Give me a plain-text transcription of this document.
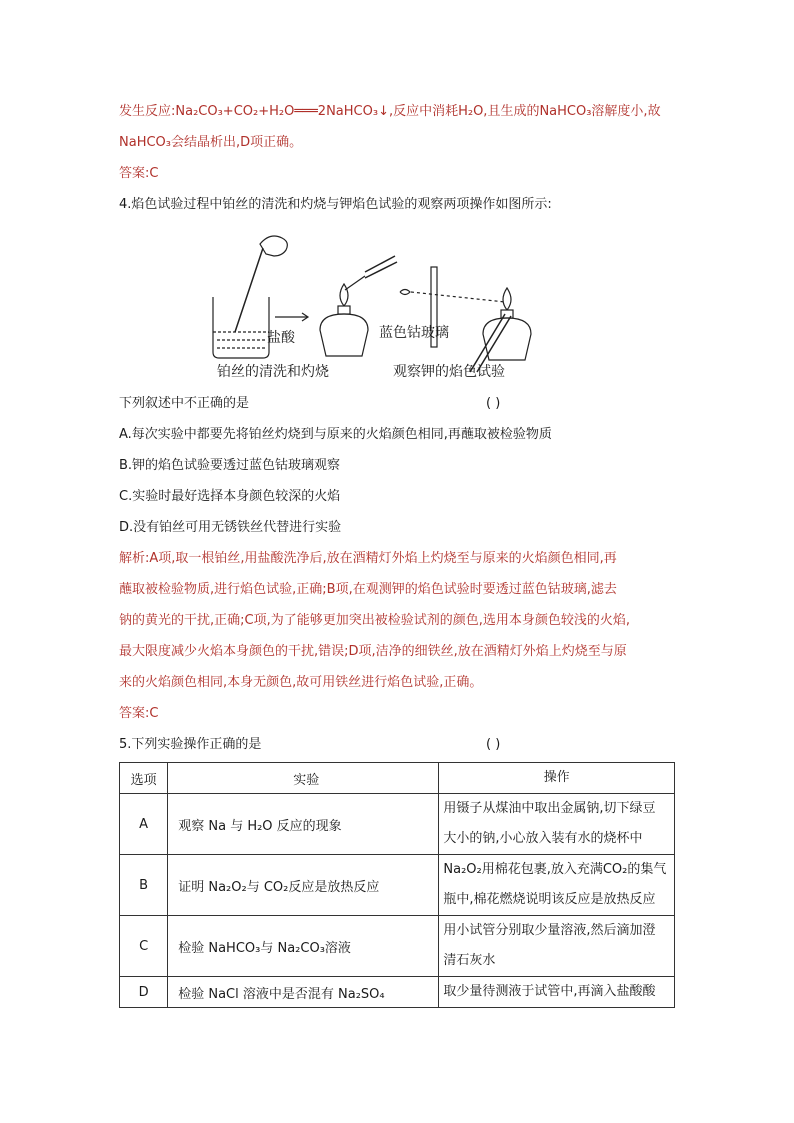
发生反应:Na₂CO₃+CO₂+H₂O═══2NaHCO₃↓,反应中消耗H₂O,且生成的NaHCO₃溶解度小,故
NaHCO₃会结晶析出,D项正确。
答案:C
4.焰色试验过程中铂丝的清洗和灼烧与钾焰色试验的观察两项操作如图所示:
盐酸	蓝色钴玻璃
铂丝的清洗和灼烧	观察钾的焰色试验
下列叙述中不正确的是	( )
A.每次实验中都要先将铂丝灼烧到与原来的火焰颜色相同,再蘸取被检验物质
B.钾的焰色试验要透过蓝色钴玻璃观察
C.实验时最好选择本身颜色较深的火焰
D.没有铂丝可用无锈铁丝代替进行实验
解析:A项,取一根铂丝,用盐酸洗净后,放在酒精灯外焰上灼烧至与原来的火焰颜色相同,再
蘸取被检验物质,进行焰色试验,正确;B项,在观测钾的焰色试验时要透过蓝色钴玻璃,滤去
钠的黄光的干扰,正确;C项,为了能够更加突出被检验试剂的颜色,选用本身颜色较浅的火焰,
最大限度减少火焰本身颜色的干扰,错误;D项,洁净的细铁丝,放在酒精灯外焰上灼烧至与原
来的火焰颜色相同,本身无颜色,故可用铁丝进行焰色试验,正确。
答案:C
5.下列实验操作正确的是	( )
选项	实验	操作
A	观察 Na 与 H₂O 反应的现象	用镊子从煤油中取出金属钠,切下绿豆
大小的钠,小心放入装有水的烧杯中

B	证明 Na₂O₂与 CO₂反应是放热反应	Na₂O₂用棉花包裹,放入充满CO₂的集气
瓶中,棉花燃烧说明该反应是放热反应

C	检验 NaHCO₃与 Na₂CO₃溶液	用小试管分别取少量溶液,然后滴加澄
清石灰水

D	检验 NaCl 溶液中是否混有 Na₂SO₄	取少量待测液于试管中,再滴入盐酸酸
